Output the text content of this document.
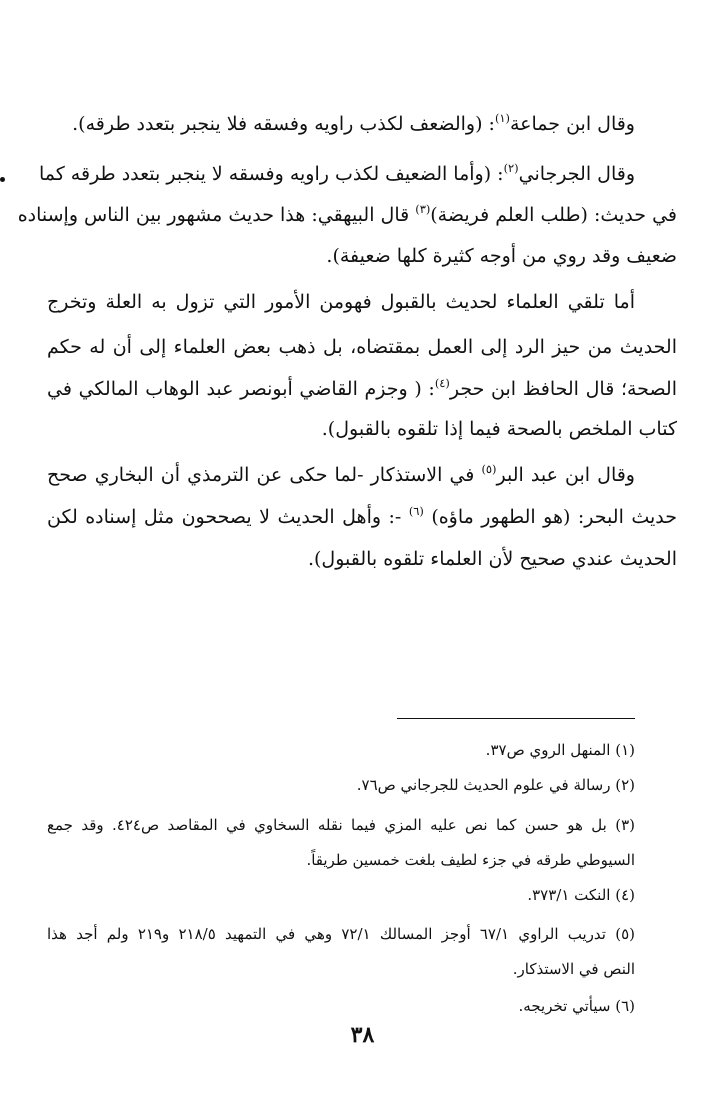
وقال ابن جماعة$^{(١)}$: (والضعف لكذب راويه وفسقه فلا ينجبر بتعدد طرقه).
وقال الجرجاني$^{(٢)}$: (وأما الضعيف لكذب راويه وفسقه لا ينجبر بتعدد طرقه كما
في حديث: (طلب العلم فريضة)$^{(٣)}$ قال البيهقي: هذا حديث مشهور بين الناس وإسناده
ضعيف وقد روي من أوجه كثيرة كلها ضعيفة).
أما تلقي العلماء لحديث بالقبول فهومن الأمور التي تزول به العلة وتخرج
الحديث من حيز الرد إلى العمل بمقتضاه، بل ذهب بعض العلماء إلى أن له حكم
الصحة؛ قال الحافظ ابن حجر$^{(٤)}$: ( وجزم القاضي أبونصر عبد الوهاب المالكي في
كتاب الملخص بالصحة فيما إذا تلقوه بالقبول).
وقال ابن عبد البر$^{(٥)}$ في الاستذكار -لما حكى عن الترمذي أن البخاري صحح
حديث البحر: (هو الطهور ماؤه) $^{(٦)}$ -: وأهل الحديث لا يصححون مثل إسناده لكن
الحديث عندي صحيح لأن العلماء تلقوه بالقبول).
(١) المنهل الروي ص٣٧.
(٢) رسالة في علوم الحديث للجرجاني ص٧٦.
(٣) بل هو حسن كما نص عليه المزي فيما نقله السخاوي في المقاصد ص٤٢٤. وقد جمع
السيوطي طرقه في جزء لطيف بلغت خمسين طريقاً.
(٤) النكت ٣٧٣/١.
(٥) تدريب الراوي ٦٧/١ أوجز المسالك ٧٢/١ وهي في التمهيد ٢١٨/٥ و٢١٩ ولم أجد هذا
النص في الاستذكار.
(٦) سيأتي تخريجه.
٣٨
